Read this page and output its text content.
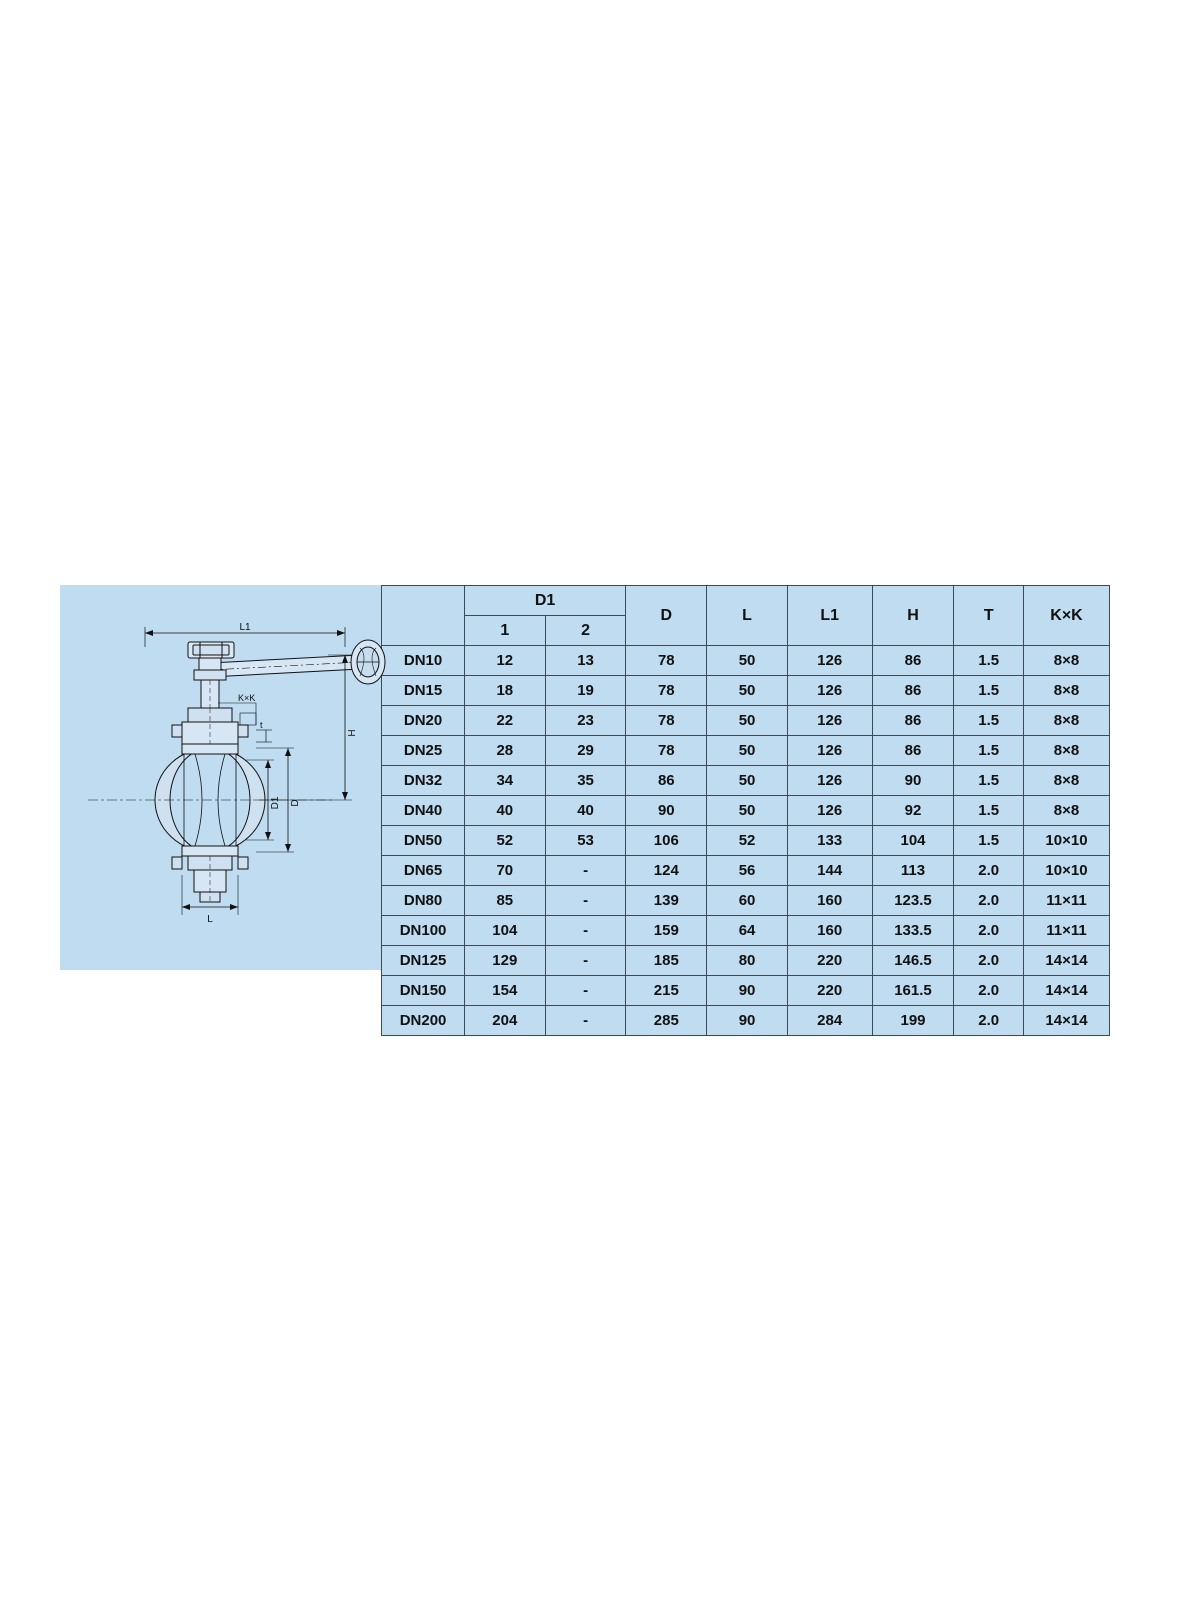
L1
H
D
D1
L
K×K
t
	D1		D	L	L1	H	T	K×K
	1	2						
DN10	12	13	78	50	126	86	1.5	8×8
DN15	18	19	78	50	126	86	1.5	8×8
DN20	22	23	78	50	126	86	1.5	8×8
DN25	28	29	78	50	126	86	1.5	8×8
DN32	34	35	86	50	126	90	1.5	8×8
DN40	40	40	90	50	126	92	1.5	8×8
DN50	52	53	106	52	133	104	1.5	10×10
DN65	70	-	124	56	144	113	2.0	10×10
DN80	85	-	139	60	160	123.5	2.0	11×11
DN100	104	-	159	64	160	133.5	2.0	11×11
DN125	129	-	185	80	220	146.5	2.0	14×14
DN150	154	-	215	90	220	161.5	2.0	14×14
DN200	204	-	285	90	284	199	2.0	14×14
